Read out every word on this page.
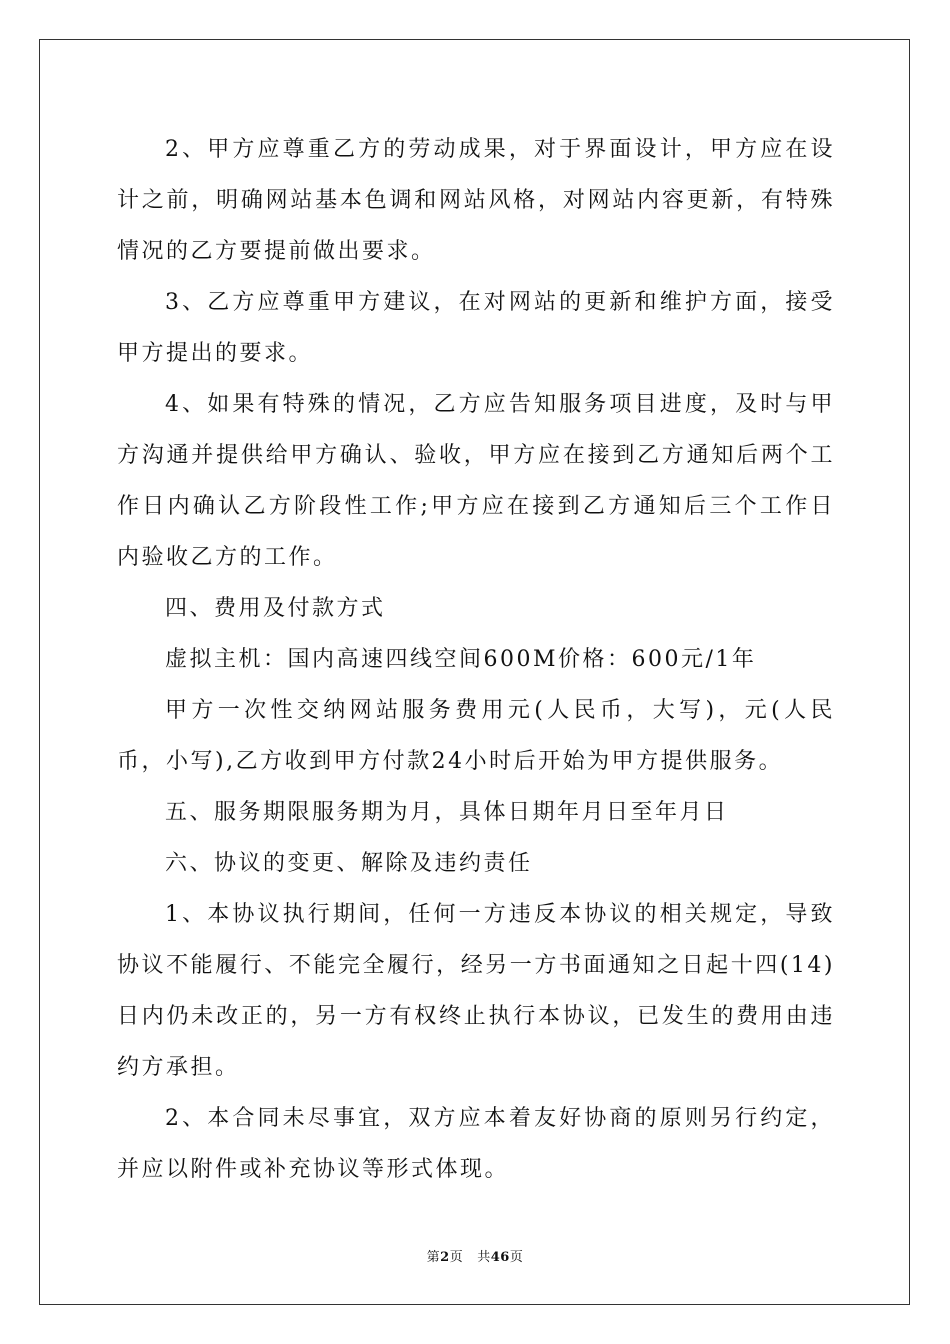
2、甲方应尊重乙方的劳动成果，对于界面设计，甲方应在设计之前，明确网站基本色调和网站风格，对网站内容更新，有特殊情况的乙方要提前做出要求。

3、乙方应尊重甲方建议，在对网站的更新和维护方面，接受甲方提出的要求。

4、如果有特殊的情况，乙方应告知服务项目进度，及时与甲方沟通并提供给甲方确认、验收，甲方应在接到乙方通知后两个工作日内确认乙方阶段性工作;甲方应在接到乙方通知后三个工作日内验收乙方的工作。

四、费用及付款方式

虚拟主机：国内高速四线空间600M价格：600元/1年

甲方一次性交纳网站服务费用元(人民币，大写)，元(人民币，小写),乙方收到甲方付款24小时后开始为甲方提供服务。

五、服务期限服务期为月，具体日期年月日至年月日

六、协议的变更、解除及违约责任

1、本协议执行期间，任何一方违反本协议的相关规定，导致协议不能履行、不能完全履行，经另一方书面通知之日起十四(14)日内仍未改正的，另一方有权终止执行本协议，已发生的费用由违约方承担。

2、本合同未尽事宜，双方应本着友好协商的原则另行约定，并应以附件或补充协议等形式体现。

第2页 共46页
